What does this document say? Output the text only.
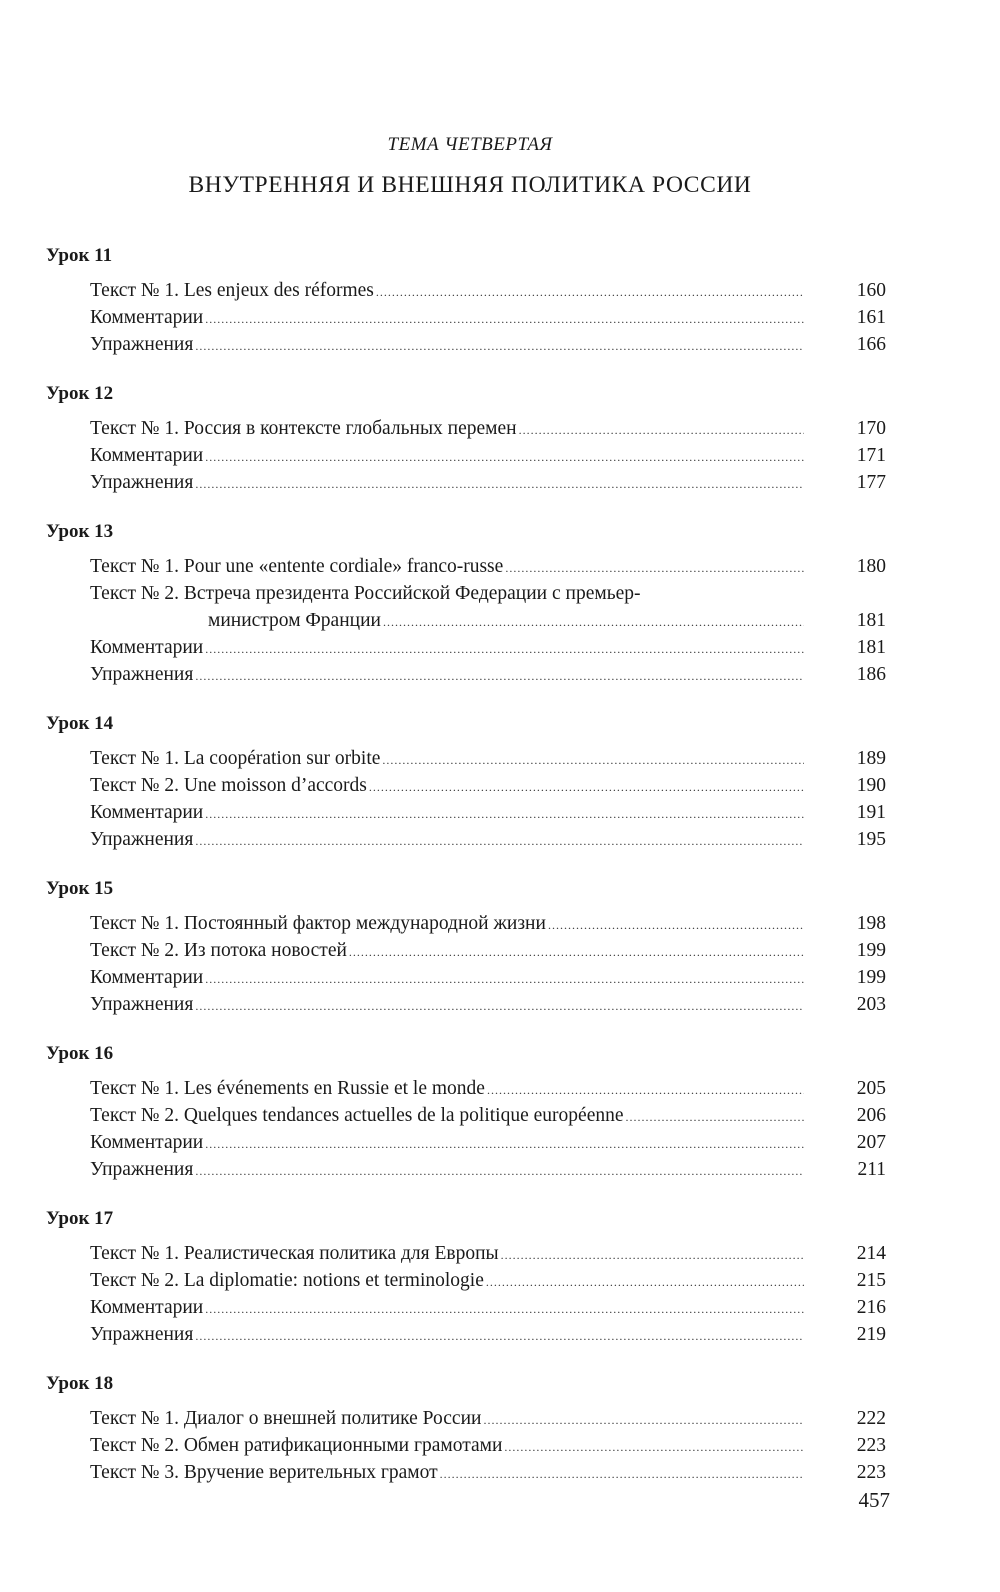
ТЕМА ЧЕТВЕРТАЯ
ВНУТРЕННЯЯ И ВНЕШНЯЯ ПОЛИТИКА РОССИИ
Урок 11
Текст № 1. Les enjeux des réformes .....	160
Комментарии .....	161
Упражнения .....	166
Урок 12
Текст № 1. Россия в контексте глобальных перемен .....	170
Комментарии .....	171
Упражнения .....	177
Урок 13
Текст № 1. Pour une «entente cordiale» franco-russe .....	180
Текст № 2. Встреча президента Российской Федерации с премьер-
министром Франции .....	181
Комментарии .....	181
Упражнения .....	186
Урок 14
Текст № 1. La coopération sur orbite .....	189
Текст № 2. Une moisson d’accords .....	190
Комментарии .....	191
Упражнения .....	195
Урок 15
Текст № 1. Постоянный фактор международной жизни .....	198
Текст № 2. Из потока новостей .....	199
Комментарии .....	199
Упражнения .....	203
Урок 16
Текст № 1. Les événements en Russie et le monde .....	205
Текст № 2. Quelques tendances actuelles de la politique européenne .....	206
Комментарии .....	207
Упражнения .....	211
Урок 17
Текст № 1. Реалистическая политика для Европы .....	214
Текст № 2. La diplomatie: notions et terminologie .....	215
Комментарии .....	216
Упражнения .....	219
Урок 18
Текст № 1. Диалог о внешней политике России .....	222
Текст № 2. Обмен ратификационными грамотами .....	223
Текст № 3. Вручение верительных грамот .....	223
457
